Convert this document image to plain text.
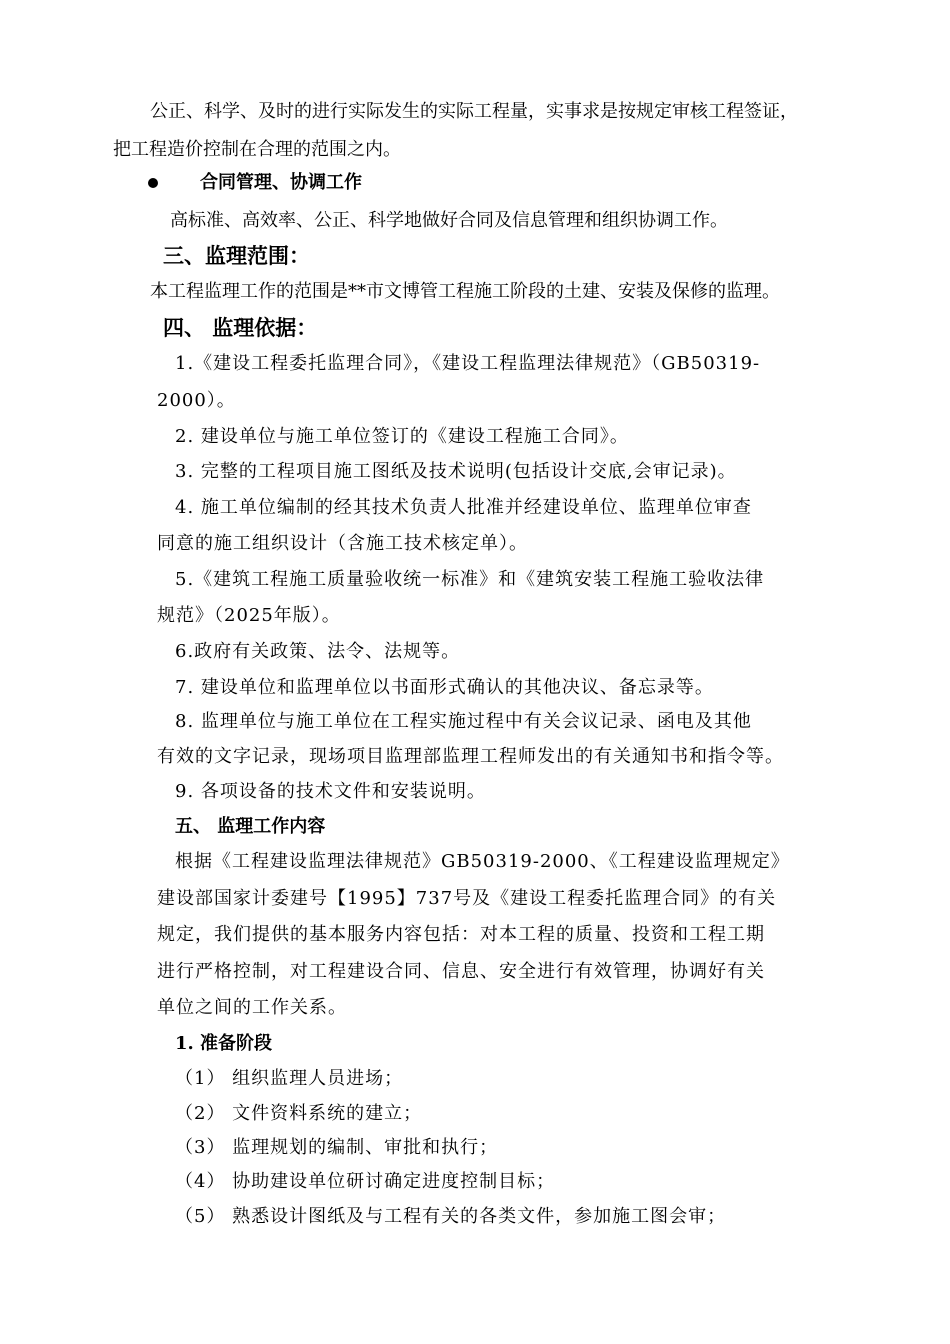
公正、科学、及时的进行实际发生的实际工程量，实事求是按规定审核工程签证，
把工程造价控制在合理的范围之内。
合同管理、协调工作
高标准、高效率、公正、科学地做好合同及信息管理和组织协调工作。
三、监理范围：
本工程监理工作的范围是**市文博管工程施工阶段的土建、安装及保修的监理。
四、 监理依据：
1.《建设工程委托监理合同》，《建设工程监理法律规范》（GB50319-
2000）。
2. 建设单位与施工单位签订的《建设工程施工合同》。
3. 完整的工程项目施工图纸及技术说明(包括设计交底,会审记录)。
4. 施工单位编制的经其技术负责人批准并经建设单位、监理单位审查
同意的施工组织设计（含施工技术核定单）。
5.《建筑工程施工质量验收统一标准》和《建筑安装工程施工验收法律
规范》（2025年版）。
6.政府有关政策、法令、法规等。
7. 建设单位和监理单位以书面形式确认的其他决议、备忘录等。
8. 监理单位与施工单位在工程实施过程中有关会议记录、函电及其他
有效的文字记录，现场项目监理部监理工程师发出的有关通知书和指令等。
9. 各项设备的技术文件和安装说明。
五、 监理工作内容
根据《工程建设监理法律规范》GB50319-2000、《工程建设监理规定》
建设部国家计委建号【1995】737号及《建设工程委托监理合同》的有关
规定，我们提供的基本服务内容包括：对本工程的质量、投资和工程工期
进行严格控制，对工程建设合同、信息、安全进行有效管理，协调好有关
单位之间的工作关系。
1. 准备阶段
（1） 组织监理人员进场；
（2） 文件资料系统的建立；
（3） 监理规划的编制、审批和执行；
（4） 协助建设单位研讨确定进度控制目标；
（5） 熟悉设计图纸及与工程有关的各类文件，参加施工图会审；
